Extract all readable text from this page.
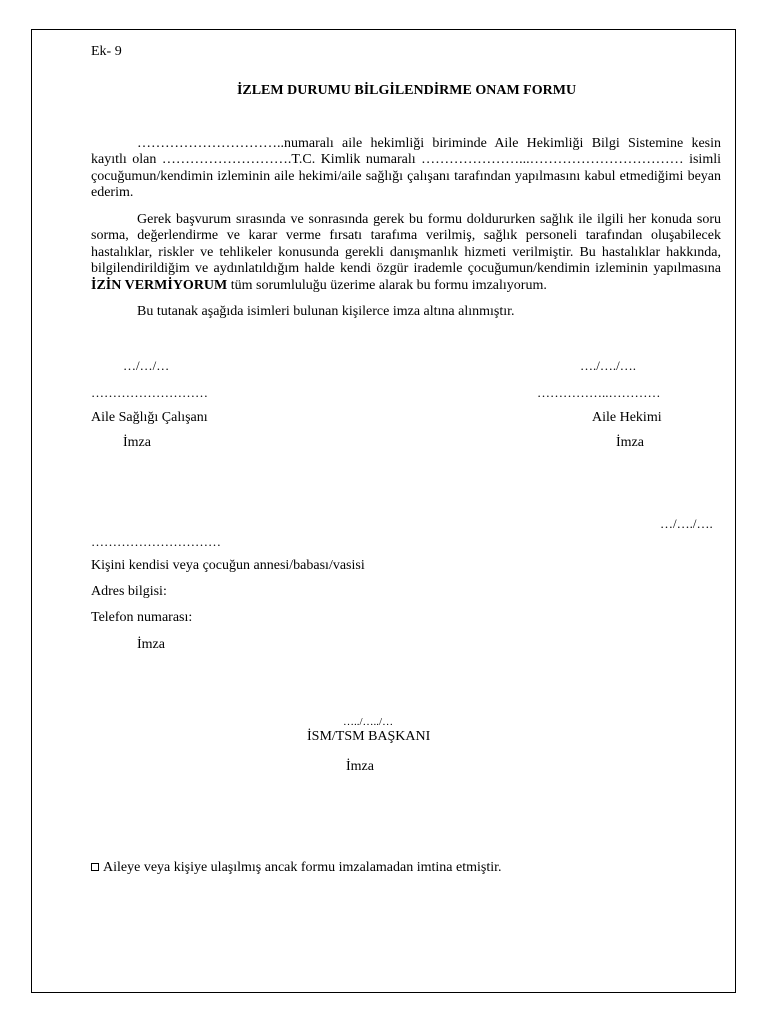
Ek- 9
İZLEM DURUMU BİLGİLENDİRME ONAM FORMU
…………………………..numaralı aile hekimliği biriminde Aile Hekimliği Bilgi Sistemine kesin kayıtlı olan ……………………….T.C. Kimlik numaralı …………………...…………………………… isimli çocuğumun/kendimin izleminin aile hekimi/aile sağlığı çalışanı tarafından yapılmasını kabul etmediğimi beyan ederim.
Gerek başvurum sırasında ve sonrasında gerek bu formu doldururken sağlık ile ilgili her konuda soru sorma, değerlendirme ve karar verme fırsatı tarafıma verilmiş, sağlık personeli tarafından oluşabilecek hastalıklar, riskler ve tehlikeler konusunda gerekli danışmanlık hizmeti verilmiştir. Bu hastalıklar hakkında, bilgilendirildiğim ve aydınlatıldığım halde kendi özgür irademle çocuğumun/kendimin izleminin yapılmasına İZİN VERMİYORUM tüm sorumluluğu üzerime alarak bu formu imzalıyorum.
Bu tutanak aşağıda isimleri bulunan kişilerce imza altına alınmıştır.
…/…/…
………………………
Aile Sağlığı Çalışanı
İmza
…./…./….
……………..…………
Aile Hekimi
İmza
…/…./….
…………………………
Kişini kendisi veya çocuğun annesi/babası/vasisi
Adres bilgisi:
Telefon numarası:
İmza
…../…../…
İSM/TSM BAŞKANI
İmza
Aileye veya kişiye ulaşılmış ancak formu imzalamadan imtina etmiştir.
